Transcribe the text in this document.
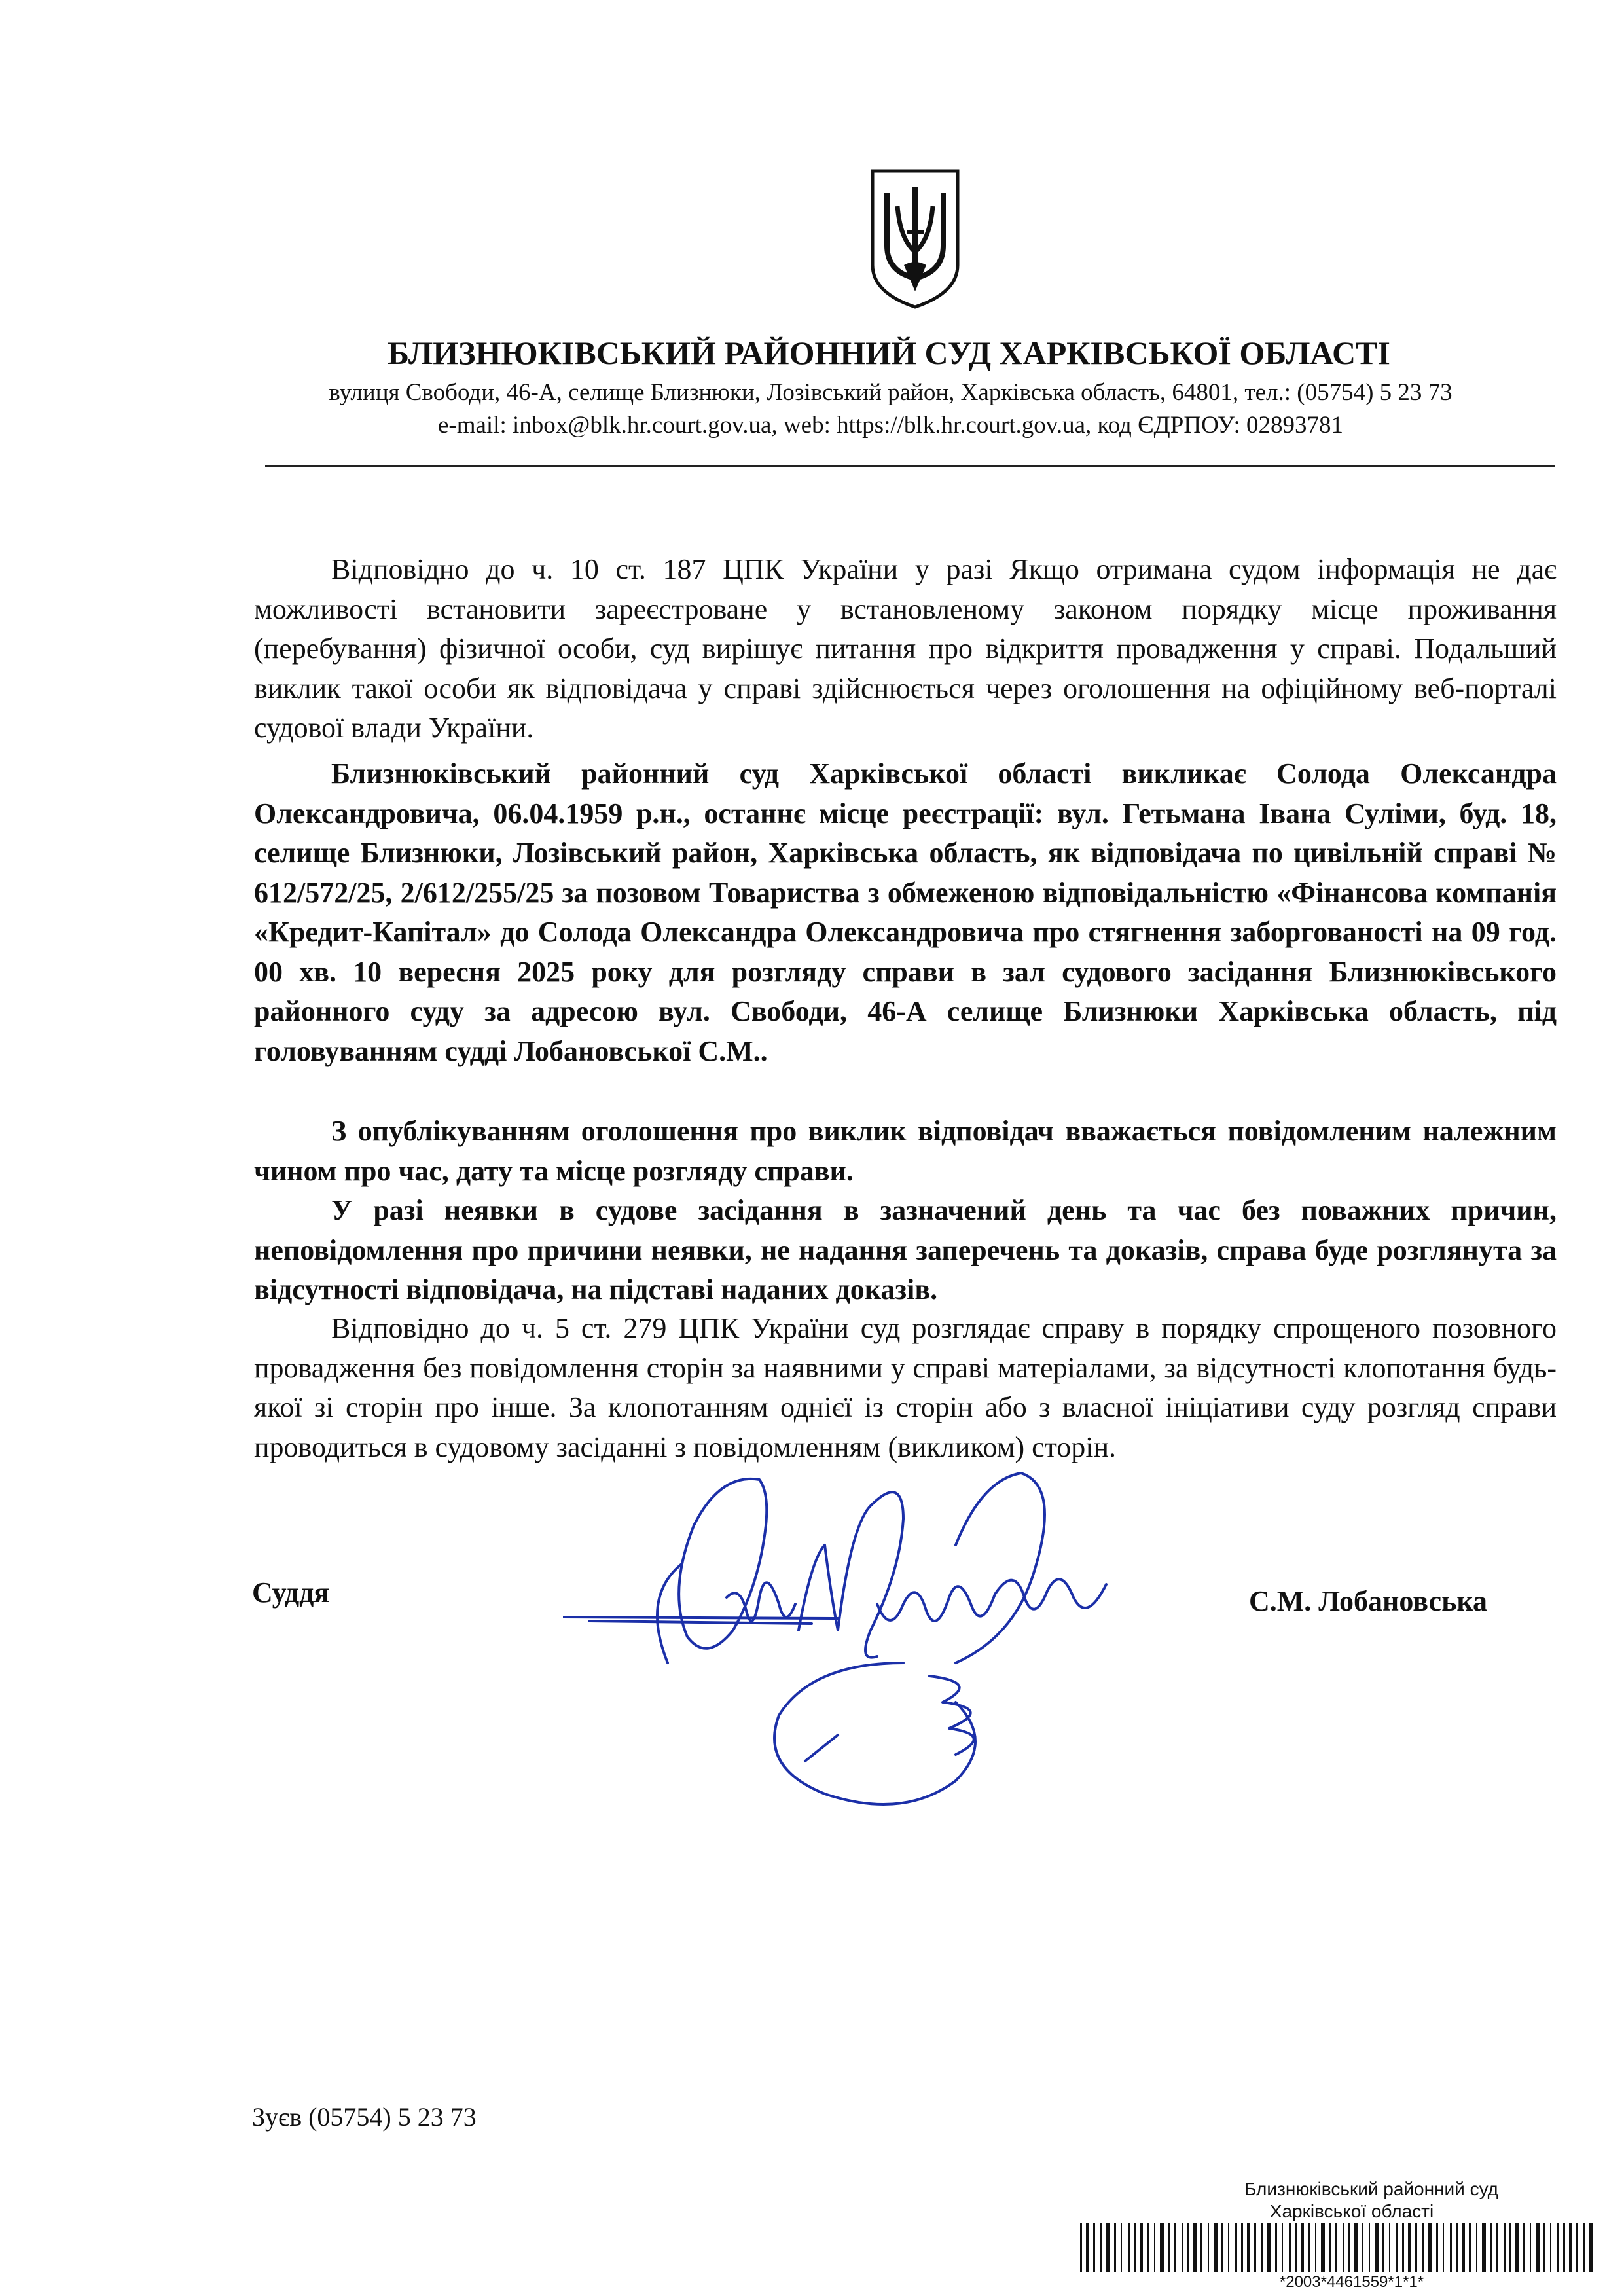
БЛИЗНЮКІВСЬКИЙ РАЙОННИЙ СУД ХАРКІВСЬКОЇ ОБЛАСТІ
вулиця Свободи, 46-А, селище Близнюки, Лозівський район, Харківська область, 64801, тел.: (05754) 5 23 73
e-mail: inbox@blk.hr.court.gov.ua, web: https://blk.hr.court.gov.ua, код ЄДРПОУ: 02893781

Відповідно до ч. 10 ст. 187 ЦПК України у разі Якщо отримана судом інформація не дає можливості встановити зареєстроване у встановленому законом порядку місце проживання (перебування) фізичної особи, суд вирішує питання про відкриття провадження у справі. Подальший виклик такої особи як відповідача у справі здійснюється через оголошення на офіційному веб-порталі судової влади України.

Близнюківський районний суд Харківської області викликає Солода Олександра Олександровича, 06.04.1959 р.н., останнє місце реєстрації: вул. Гетьмана Івана Суліми, буд. 18, селище Близнюки, Лозівський район, Харківська область, як відповідача по цивільній справі № 612/572/25, 2/612/255/25 за позовом Товариства з обмеженою відповідальністю «Фінансова компанія «Кредит-Капітал» до Солода Олександра Олександровича про стягнення заборгованості на 09 год. 00 хв. 10 вересня 2025 року для розгляду справи в зал судового засідання Близнюківського районного суду за адресою вул. Свободи, 46-А селище Близнюки Харківська область, під головуванням судді Лобановської С.М..

З опублікуванням оголошення про виклик відповідач вважається повідомленим належним чином про час, дату та місце розгляду справи.

У разі неявки в судове засідання в зазначений день та час без поважних причин, неповідомлення про причини неявки, не надання заперечень та доказів, справа буде розглянута за відсутності відповідача, на підставі наданих доказів.

Відповідно до ч. 5 ст. 279 ЦПК України суд розглядає справу в порядку спрощеного позовного провадження без повідомлення сторін за наявними у справі матеріалами, за відсутності клопотання будь-якої зі сторін про інше. За клопотанням однієї із сторін або з власної ініціативи суду розгляд справи проводиться в судовому засіданні з повідомленням (викликом) сторін.

Суддя	С.М. Лобановська
Зуєв (05754) 5 23 73
Близнюківський районний суд
Харківської області
*2003*4461559*1*1*
